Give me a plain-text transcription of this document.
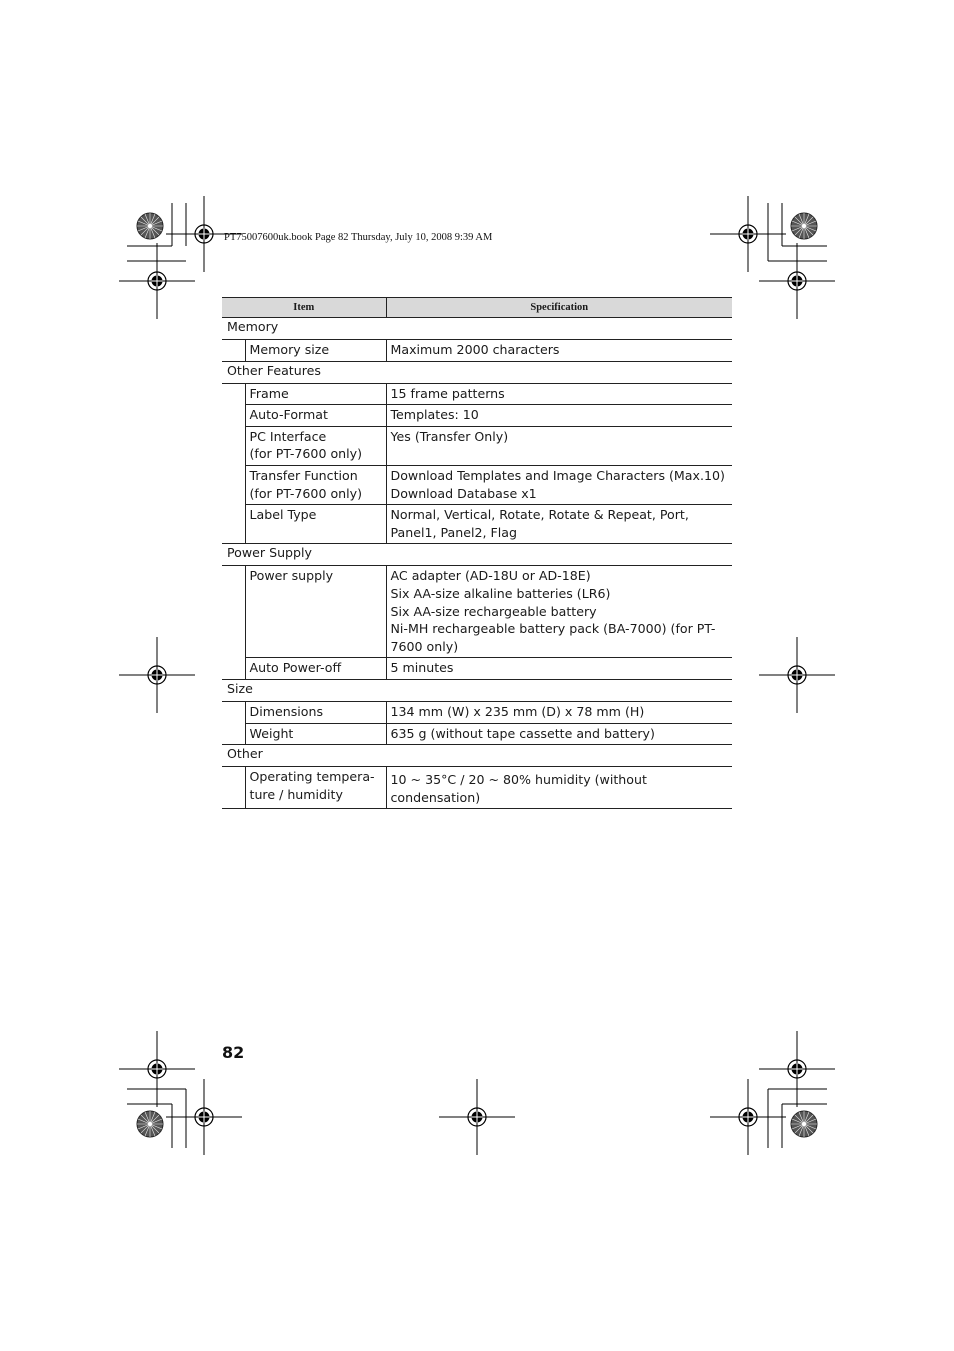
PT75007600uk.book Page 82 Thursday, July 10, 2008 9:39 AM
Item		Specification
Memory		

	Memory size	Maximum 2000 characters

Other Features		

	Frame	15 frame patterns

	Auto-Format	Templates: 10

	PC Interface
(for PT-7600 only)	Yes (Transfer Only)

	Transfer Function
(for PT-7600 only)	Download Templates and Image Characters (Max.10)
Download Database x1

	Label Type	Normal, Vertical, Rotate, Rotate & Repeat, Port,
Panel1, Panel2, Flag

Power Supply		

	Power supply	AC adapter (AD-18U or AD-18E)
Six AA-size alkaline batteries (LR6)
Six AA-size rechargeable battery
Ni-MH rechargeable battery pack (BA-7000) (for PT-
7600 only)

	Auto Power-off	5 minutes

Size		

	Dimensions	134 mm (W) x 235 mm (D) x 78 mm (H)

	Weight	635 g (without tape cassette and battery)

Other		

	Operating tempera-
ture / humidity	10 ~ 35°C / 20 ~ 80% humidity (without
condensation)
82
